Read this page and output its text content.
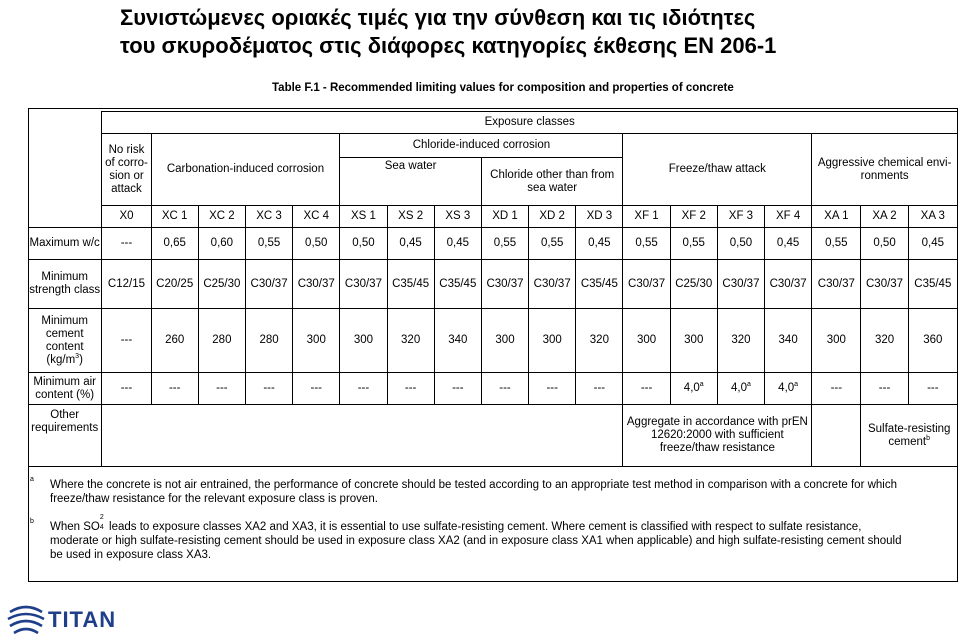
Συνιστώμενες οριακές τιμές για την σύνθεση και τις ιδιότητες
του σκυροδέματος στις διάφορες κατηγορίες έκθεσης EN 206-1
Table F.1 - Recommended limiting values for composition and properties of concrete
	Exposure classes																	
	No risk of corro- sion or attack	Carbonation-induced corrosion				Chloride-induced corrosion						Freeze/thaw attack				Aggressive chemical envi- ronments		
						Sea water			Chloride other than from sea water									

	X0	XC 1	XC 2	XC 3	XC 4	XS 1	XS 2	XS 3	XD 1	XD 2	XD 3	XF 1	XF 2	XF 3	XF 4	XA 1	XA 2	XA 3
Maximum w/c	---	0,65	0,60	0,55	0,50	0,50	0,45	0,45	0,55	0,55	0,45	0,55	0,55	0,50	0,45	0,55	0,50	0,45
Minimum strength class	C12/15	C20/25	C25/30	C30/37	C30/37	C30/37	C35/45	C35/45	C30/37	C30/37	C35/45	C30/37	C25/30	C30/37	C30/37	C30/37	C30/37	C35/45
Minimum cement content $(kg/m^3)$	---	260	280	280	300	300	320	340	300	300	320	300	300	320	340	300	320	360
Minimum air content (%)	---	---	---	---	---	---	---	---	---	---	---	---	4,0$^a$	4,0$^a$	4,0$^a$	---	---	---
Other requirements												Aggregate in accordance with prEN 12620:2000 with sufficient freeze/thaw resistance					Sulfate-resisting cement$^b$
a Where the concrete is not air entrained, the performance of concrete should be tested according to an appropriate test method in comparison with a concrete for which
freeze/thaw resistance for the relevant exposure class is proven.
b When SO
2
4 leads to exposure classes XA2 and XA3, it is essential to use sulfate-resisting cement. Where cement is classified with respect to sulfate resistance,
moderate or high sulfate-resisting cement should be used in exposure class XA2 (and in exposure class XA1 when applicable) and high sulfate-resisting cement should
be used in exposure class XA3.
TITAN
